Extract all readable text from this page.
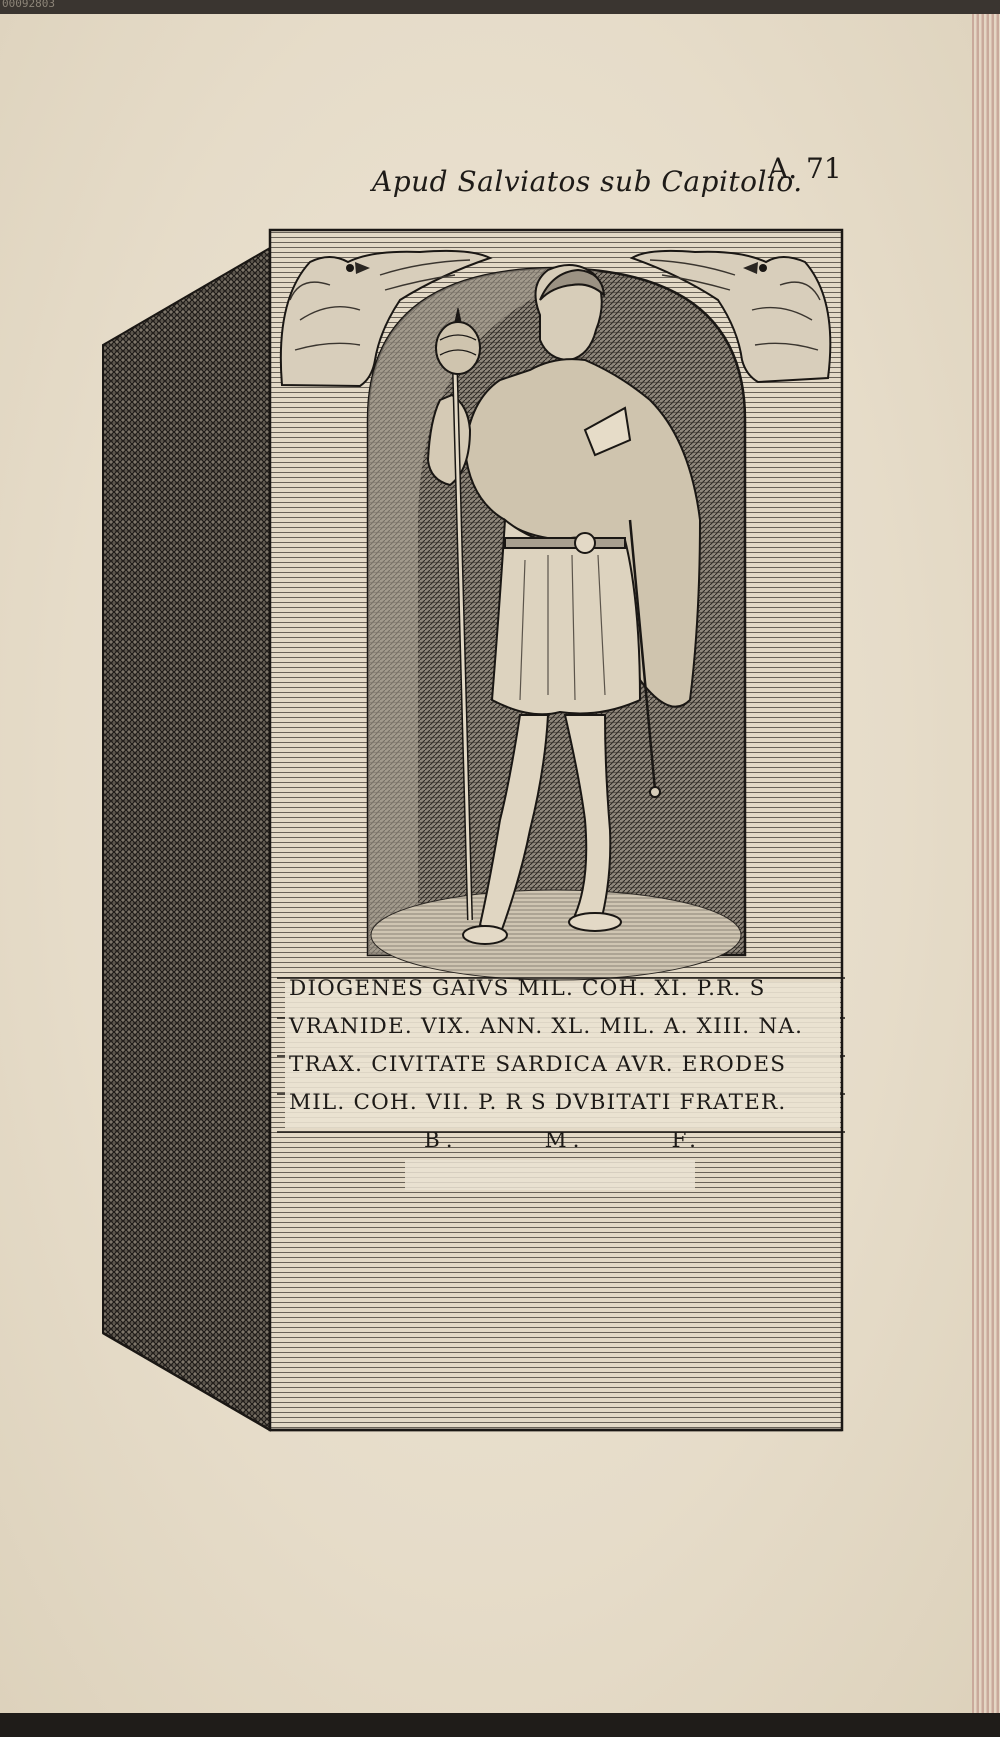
00092803
Apud Salviatos sub Capitolio.
A. 71
DIOGENES GAIVS MIL. COH. XI. P.R. S
VRANIDE. VIX. ANN. XL. MIL. A. XIII. NA.
TRAX. CIVITATE SARDICA AVR. ERODES
MIL. COH. VII. P. R S DVBITATI FRATER.
B.	M.	F.
